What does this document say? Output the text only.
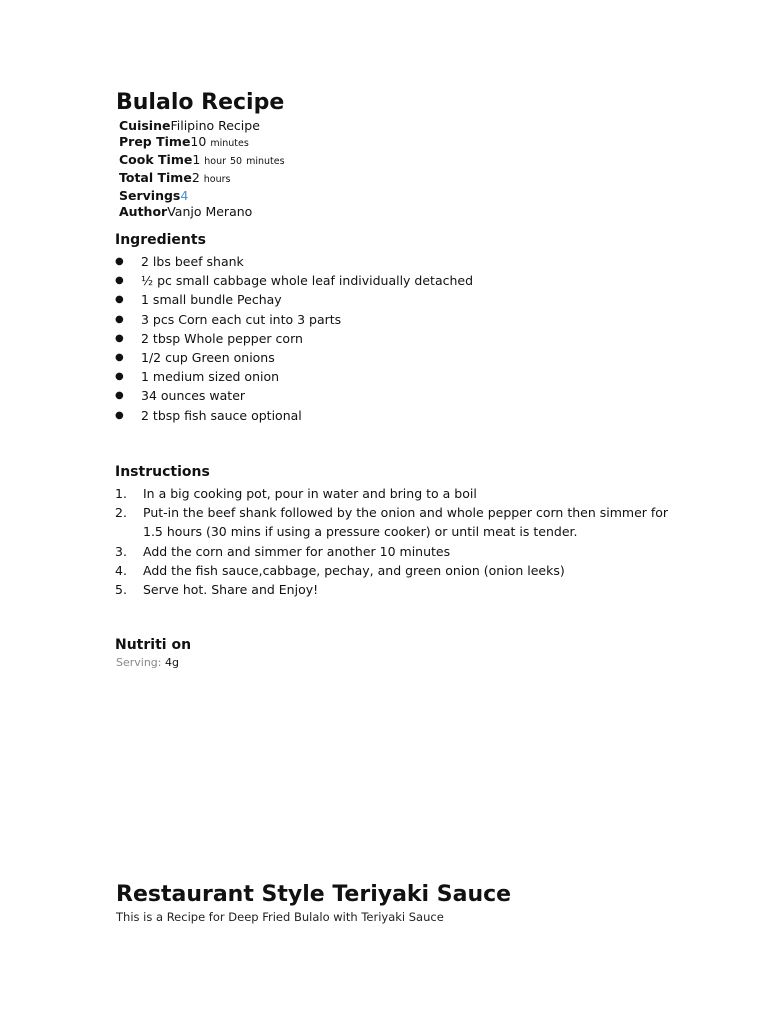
Bulalo Recipe
CuisineFilipino Recipe
Prep Time10 minutes
Cook Time1 hour 50 minutes
Total Time2 hours
Servings4
AuthorVanjo Merano
Ingredients
● 2 lbs beef shank
● ½ pc small cabbage whole leaf individually detached
● 1 small bundle Pechay
● 3 pcs Corn each cut into 3 parts
● 2 tbsp Whole pepper corn
● 1/2 cup Green onions
● 1 medium sized onion
● 34 ounces water
● 2 tbsp fish sauce optional
Instructions
1. In a big cooking pot, pour in water and bring to a boil
2. Put-in the beef shank followed by the onion and whole pepper corn then simmer for 1.5 hours (30 mins if using a pressure cooker) or until meat is tender.
3. Add the corn and simmer for another 10 minutes
4. Add the fish sauce,cabbage, pechay, and green onion (onion leeks)
5. Serve hot. Share and Enjoy!
Nutriti on
Serving: 4g
Restaurant Style Teriyaki Sauce
This is a Recipe for Deep Fried Bulalo with Teriyaki Sauce
